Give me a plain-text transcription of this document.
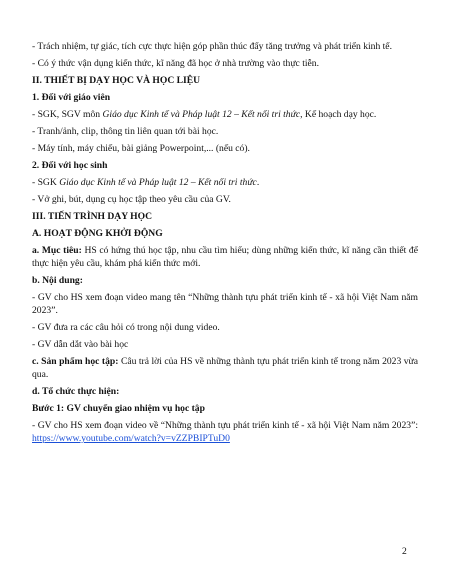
- Trách nhiệm, tự giác, tích cực thực hiện góp phần thúc đẩy tăng trưởng và phát triển kinh tế.

- Có ý thức vận dụng kiến thức, kĩ năng đã học ở nhà trường vào thực tiễn.

II. THIẾT BỊ DẠY HỌC VÀ HỌC LIỆU

1. Đối với giáo viên

- SGK, SGV môn Giáo dục Kinh tế và Pháp luật 12 – Kết nối tri thức, Kế hoạch dạy học.

- Tranh/ảnh, clip, thông tin liên quan tới bài học.

- Máy tính, máy chiếu, bài giảng Powerpoint,... (nếu có).

2. Đối với học sinh

- SGK Giáo dục Kinh tế và Pháp luật 12 – Kết nối tri thức.

- Vở ghi, bút, dụng cụ học tập theo yêu cầu của GV.

III. TIẾN TRÌNH DẠY HỌC

A. HOẠT ĐỘNG KHỞI ĐỘNG

a. Mục tiêu: HS có hứng thú học tập, nhu cầu tìm hiểu; dùng những kiến thức, kĩ năng cần thiết để thực hiện yêu cầu, khám phá kiến thức mới.

b. Nội dung:

- GV cho HS xem đoạn video mang tên “Những thành tựu phát triển kinh tế - xã hội Việt Nam năm 2023”.

- GV đưa ra các câu hỏi có trong nội dung video.

- GV dẫn dắt vào bài học

c. Sản phẩm học tập: Câu trả lời của HS về những thành tựu phát triển kinh tế trong năm 2023 vừa qua.

d. Tổ chức thực hiện:

Bước 1: GV chuyển giao nhiệm vụ học tập

- GV cho HS xem đoạn video về “Những thành tựu phát triển kinh tế - xã hội Việt Nam năm 2023”: https://www.youtube.com/watch?v=vZZPBIPTuD0

2
